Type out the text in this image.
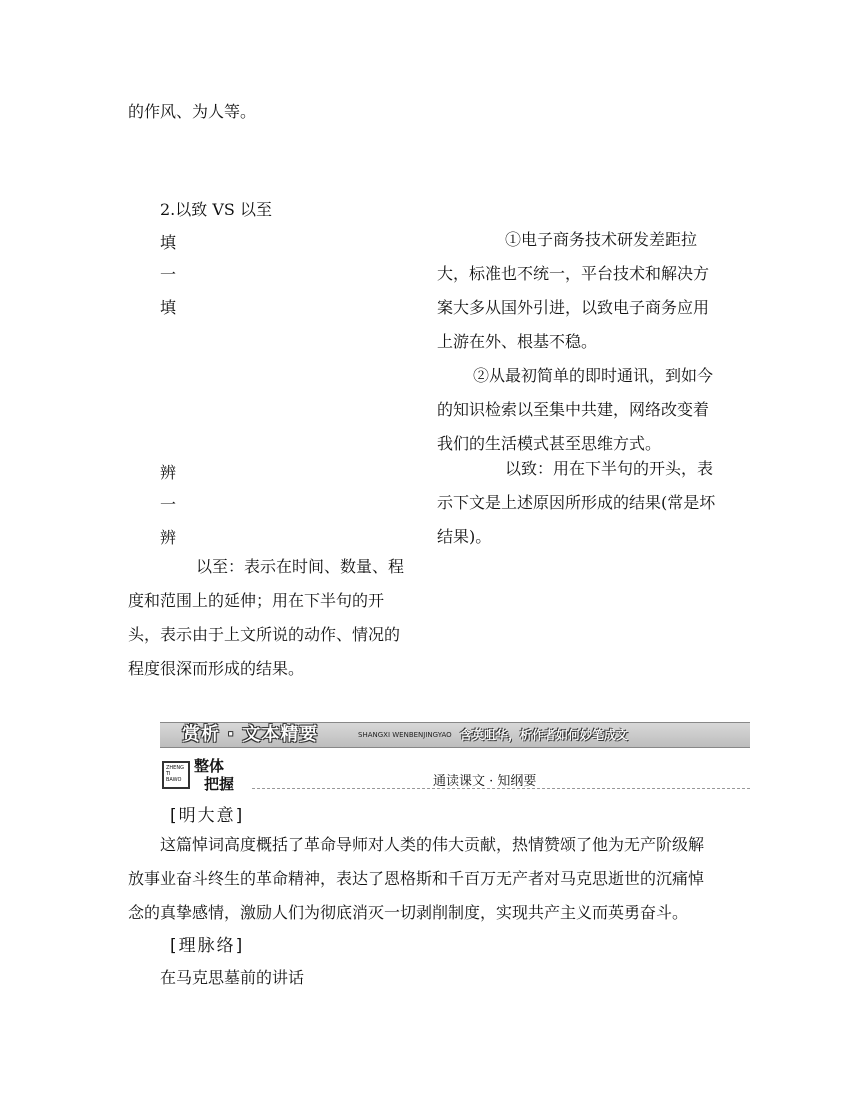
的作风、为人等。
2.以致 VS 以至
填
一
填
辨
一
辨

①电子商务技术研发差距拉

大，标准也不统一，平台技术和解决方

案大多从国外引进，以致电子商务应用

上游在外、根基不稳。

②从最初简单的即时通讯，到如今

的知识检索以至集中共建，网络改变着

我们的生活模式甚至思维方式。

以致：用在下半句的开头，表

示下文是上述原因所形成的结果(常是坏

结果)。

以至：表示在时间、数量、程

度和范围上的延伸；用在下半句的开

头，表示由于上文所说的动作、情况的

程度很深而形成的结果。

赏析 · 文本精要	SHANGXI WENBENJINGYAO 含英咀华，析作者如何妙笔成文
ZHENG TI BAWO
整体
把握	通读课文 · 知纲要
[明大意]
这篇悼词高度概括了革命导师对人类的伟大贡献，热情赞颂了他为无产阶级解
放事业奋斗终生的革命精神，表达了恩格斯和千百万无产者对马克思逝世的沉痛悼
念的真挚感情，激励人们为彻底消灭一切剥削制度，实现共产主义而英勇奋斗。
[理脉络]
在马克思墓前的讲话
